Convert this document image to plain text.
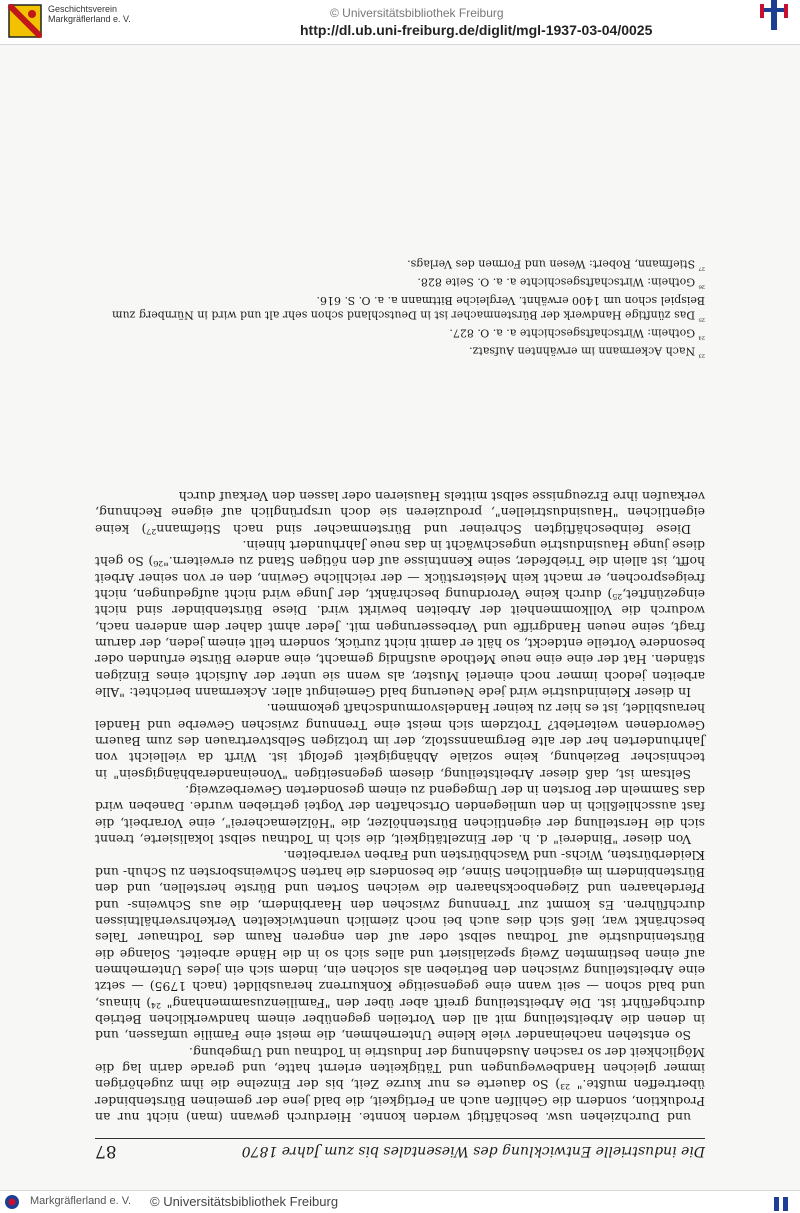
Geschichtsverein Markgräflerland e. V.	© Universitätsbibliothek Freiburg
http://dl.ub.uni-freiburg.de/diglit/mgl-1937-03-04/0025
Die industrielle Entwicklung des Wiesentales bis zum Jahre 1870
87

und Durchziehen usw. beschäftigt werden konnte. Hierdurch gewann (man) nicht nur an Produktion, sondern die Gehilfen auch an Fertigkeit, die bald jene der gemeinen Bürstenbinder übertreffen mußte." ²³) So dauerte es nur kurze Zeit, bis der Einzelne die ihm zugehörigen immer gleichen Handbewegungen und Tätigkeiten erlernt hatte, und gerade darin lag die Möglichkeit der so raschen Ausdehnung der Industrie in Todtnau und Umgebung.

So entstehen nacheinander viele kleine Unternehmen, die meist eine Familie umfassen, und in denen die Arbeitsteilung mit all den Vorteilen gegenüber einem handwerklichen Betrieb durchgeführt ist. Die Arbeitsteilung greift aber über den "Familienzusammenhang" ²⁴) hinaus, und bald schon — seit wann eine gegenseitige Konkurrenz herausbildet (nach 1795) — setzt eine Arbeitsteilung zwischen den Betrieben als solchen ein, indem sich ein jedes Unternehmen auf einen bestimmten Zweig spezialisiert und alles sich so in die Hände arbeitet. Solange die Bürstenindustrie auf Todtnau selbst oder auf den engeren Raum des Todtnauer Tales beschränkt war, ließ sich dies auch bei noch ziemlich unentwickelten Verkehrsverhältnissen durchführen. Es kommt zur Trennung zwischen den Haarbindern, die aus Schweins- und Pferdehaaren und Ziegenbockshaaren die weichen Sorten und Bürste herstellen, und den Bürstenbindern im eigentlichen Sinne, die besonders die harten Schweinsborsten zu Schuh- und Kleiderbürsten, Wichs- und Waschbürsten und Farben verarbeiten.

Von dieser "Binderei" d. h. der Einzeltätigkeit, die sich in Todtnau selbst lokalisierte, trennt sich die Herstellung der eigentlichen Bürstenhölzer, die "Hölzlemacherei", eine Vorarbeit, die fast ausschließlich in den umliegenden Ortschaften der Vogtei getrieben wurde. Daneben wird das Sammeln der Borsten in der Umgegend zu einem gesonderten Gewerbezweig.

Seltsam ist, daß dieser Arbeitsteilung, diesem gegenseitigen "Voneinanderabhängigsein" in technischer Beziehung, keine soziale Abhängigkeit gefolgt ist. Wirft da vielleicht von Jahrhunderten her der alte Bergmannsstolz, der im trotzigen Selbstvertrauen des zum Bauern Gewordenen weiterlebt? Trotzdem sich meist eine Trennung zwischen Gewerbe und Handel herausbildet, ist es hier zu keiner Handelsvormundschaft gekommen.

In dieser Kleinindustrie wird jede Neuerung bald Gemeingut aller. Ackermann berichtet: "Alle arbeiten jedoch immer noch einerlei Muster, als wenn sie unter der Aufsicht eines Einzigen ständen. Hat der eine eine neue Methode ausfindig gemacht, eine andere Bürste erfunden oder besondere Vorteile entdeckt, so hält er damit nicht zurück, sondern teilt einem jeden, der darum fragt, seine neuen Handgriffe und Verbesserungen mit. Jeder ahmt daher dem anderen nach, wodurch die Vollkommenheit der Arbeiten bewirkt wird. Diese Bürstenbinder sind nicht eingezünftet,²⁵) durch keine Verordnung beschränkt, der Junge wird nicht aufgedungen, nicht freigesprochen, er macht kein Meisterstück — der reichliche Gewinn, den er von seiner Arbeit hofft, ist allein die Triebfeder, seine Kenntnisse auf den nötigen Stand zu erweitern."²⁶) So geht diese junge Hausindustrie ungeschwächt in das neue Jahrhundert hinein.

Diese feinbeschäftigten Schreiner und Bürstenmacher sind nach Stiefmann²⁷) keine eigentlichen "Hausindustriellen", produzieren sie doch ursprünglich auf eigene Rechnung, verkaufen ihre Erzeugnisse selbst mittels Hausieren oder lassen den Verkauf durch

$^{^{23}}$ Nach Ackermann im erwähnten Aufsatz.
$^{^{24}}$ Gothein: Wirtschaftsgeschichte a. a. O. 827.
$^{^{25}}$ Das zünftige Handwerk der Bürstenmacher ist in Deutschland schon sehr alt und wird in Nürnberg zum Beispiel schon um 1400 erwähnt. Vergleiche Bittmann a. a. O. S. 616.
$^{^{26}}$ Gothein: Wirtschaftsgeschichte a. a. O. Seite 828.
$^{^{27}}$ Stiefmann, Robert: Wesen und Formen des Verlags.
Markgräflerland e. V. © Universitätsbibliothek Freiburg
